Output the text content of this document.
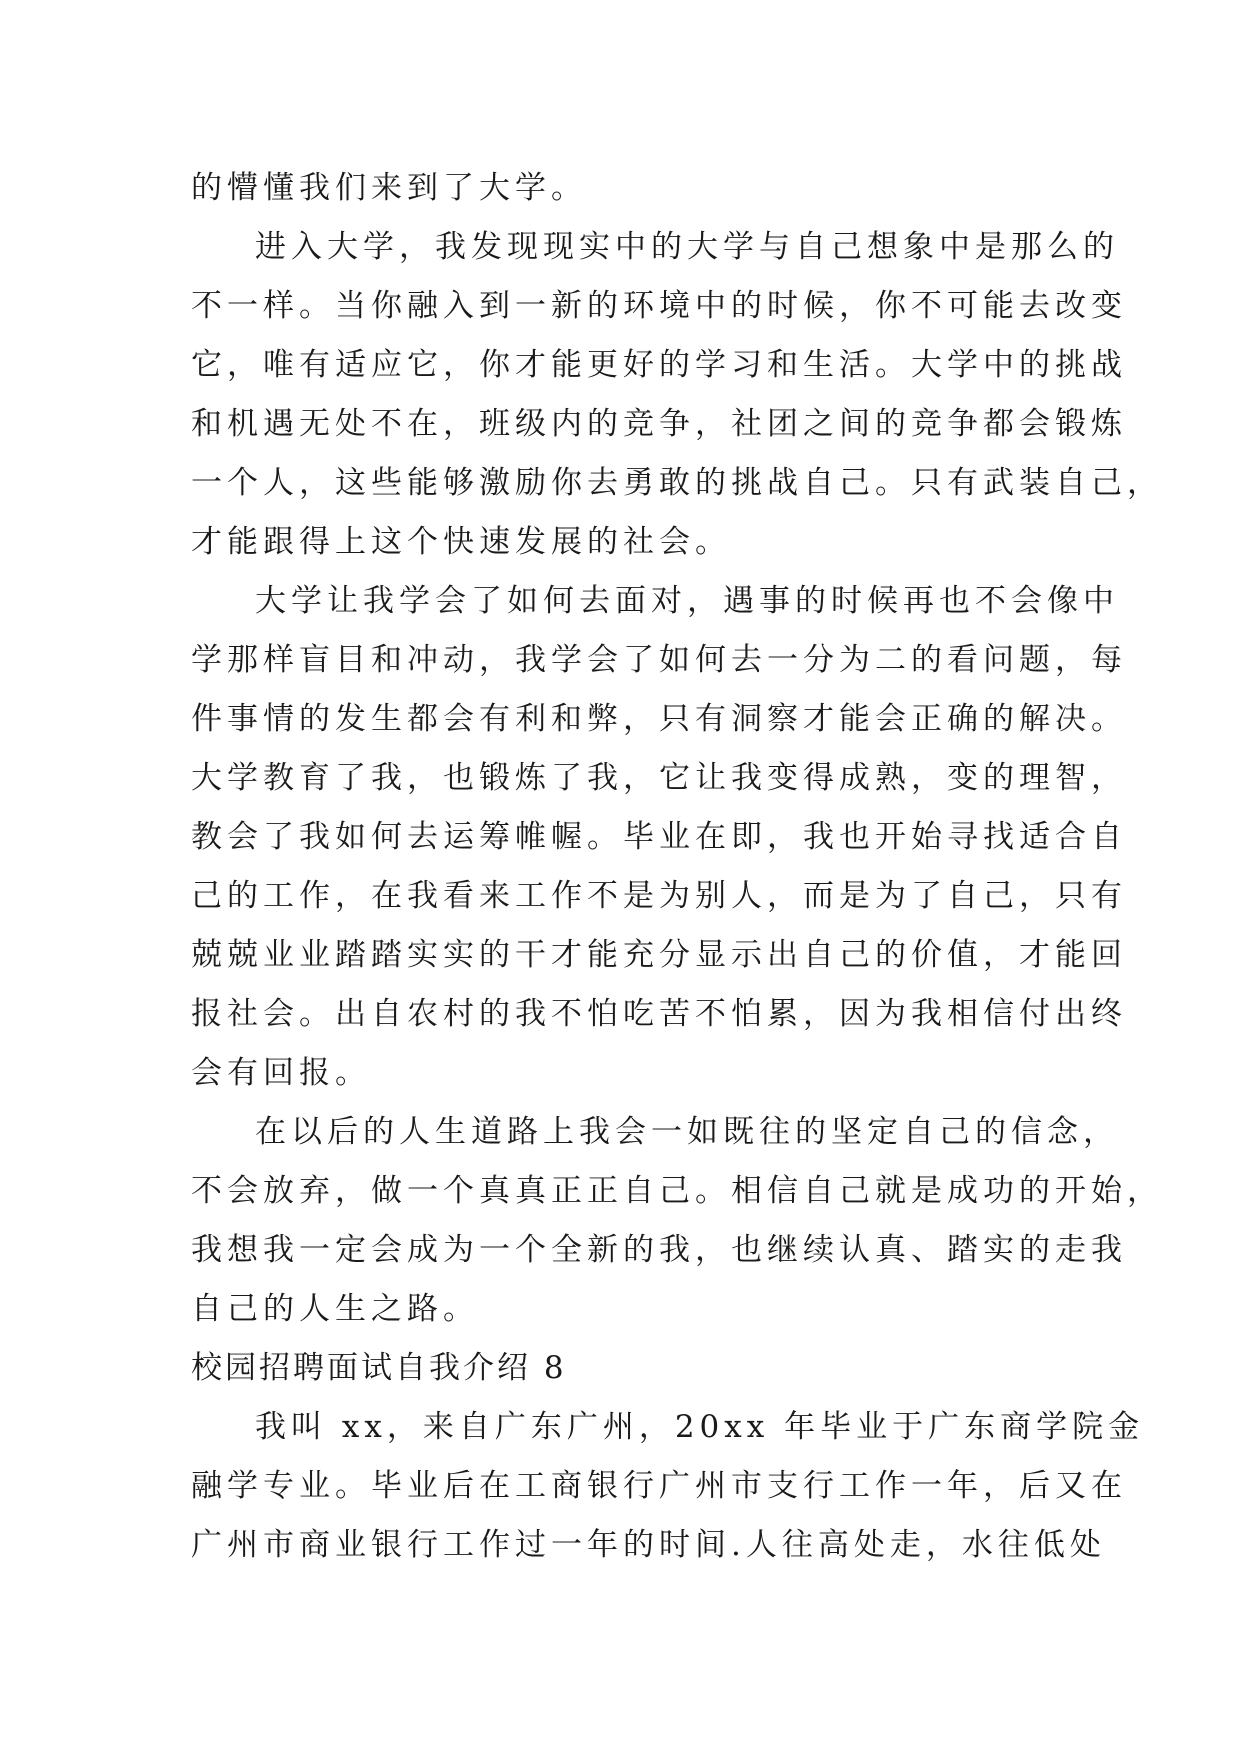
的懵懂我们来到了大学。
进入大学，我发现现实中的大学与自己想象中是那么的
不一样。当你融入到一新的环境中的时候，你不可能去改变
它，唯有适应它，你才能更好的学习和生活。大学中的挑战
和机遇无处不在，班级内的竞争，社团之间的竞争都会锻炼
一个人，这些能够激励你去勇敢的挑战自己。只有武装自己，
才能跟得上这个快速发展的社会。
大学让我学会了如何去面对，遇事的时候再也不会像中
学那样盲目和冲动，我学会了如何去一分为二的看问题，每
件事情的发生都会有利和弊，只有洞察才能会正确的解决。
大学教育了我，也锻炼了我，它让我变得成熟，变的理智，
教会了我如何去运筹帷幄。毕业在即，我也开始寻找适合自
己的工作，在我看来工作不是为别人，而是为了自己，只有
兢兢业业踏踏实实的干才能充分显示出自己的价值，才能回
报社会。出自农村的我不怕吃苦不怕累，因为我相信付出终
会有回报。
在以后的人生道路上我会一如既往的坚定自己的信念，
不会放弃，做一个真真正正自己。相信自己就是成功的开始，
我想我一定会成为一个全新的我，也继续认真、踏实的走我
自己的人生之路。
校园招聘面试自我介绍 8
我叫 xx，来自广东广州，20xx 年毕业于广东商学院金
融学专业。毕业后在工商银行广州市支行工作一年，后又在
广州市商业银行工作过一年的时间.人往高处走，水往低处
